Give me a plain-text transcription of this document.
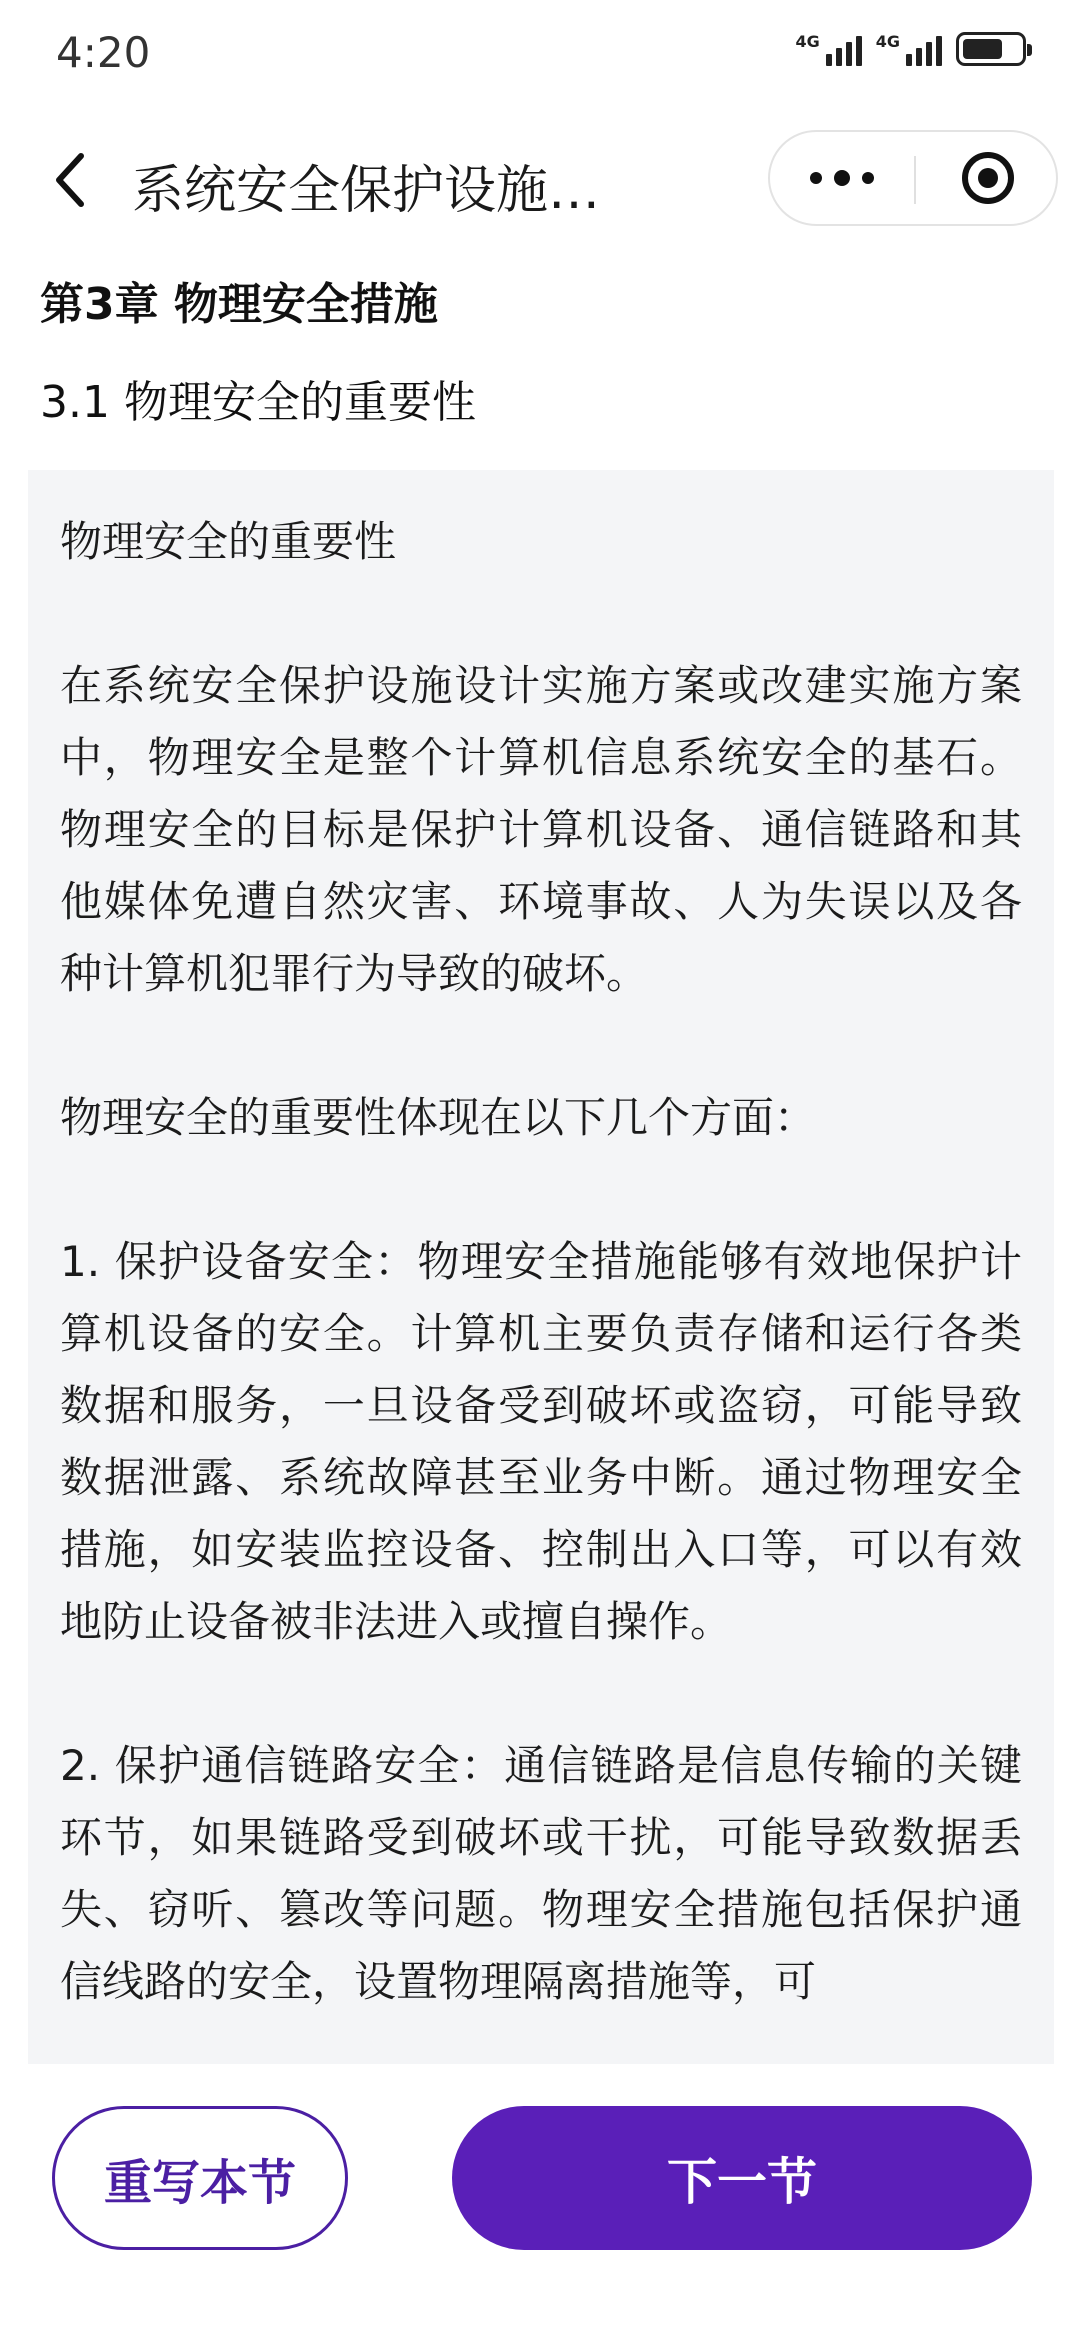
4:20	4G	4G
系统安全保护设施…
第3章 物理安全措施
3.1 物理安全的重要性

物理安全的重要性

在系统安全保护设施设计实施方案或改建实施方案中，物理安全是整个计算机信息系统安全的基石。物理安全的目标是保护计算机设备、通信链路和其他媒体免遭自然灾害、环境事故、人为失误以及各种计算机犯罪行为导致的破坏。

物理安全的重要性体现在以下几个方面：

1. 保护设备安全：物理安全措施能够有效地保护计算机设备的安全。计算机主要负责存储和运行各类数据和服务，一旦设备受到破坏或盗窃，可能导致数据泄露、系统故障甚至业务中断。通过物理安全措施，如安装监控设备、控制出入口等，可以有效地防止设备被非法进入或擅自操作。

2. 保护通信链路安全：通信链路是信息传输的关键环节，如果链路受到破坏或干扰，可能导致数据丢失、窃听、篡改等问题。物理安全措施包括保护通信线路的安全，设置物理隔离措施等，可

重写本节	下一节
